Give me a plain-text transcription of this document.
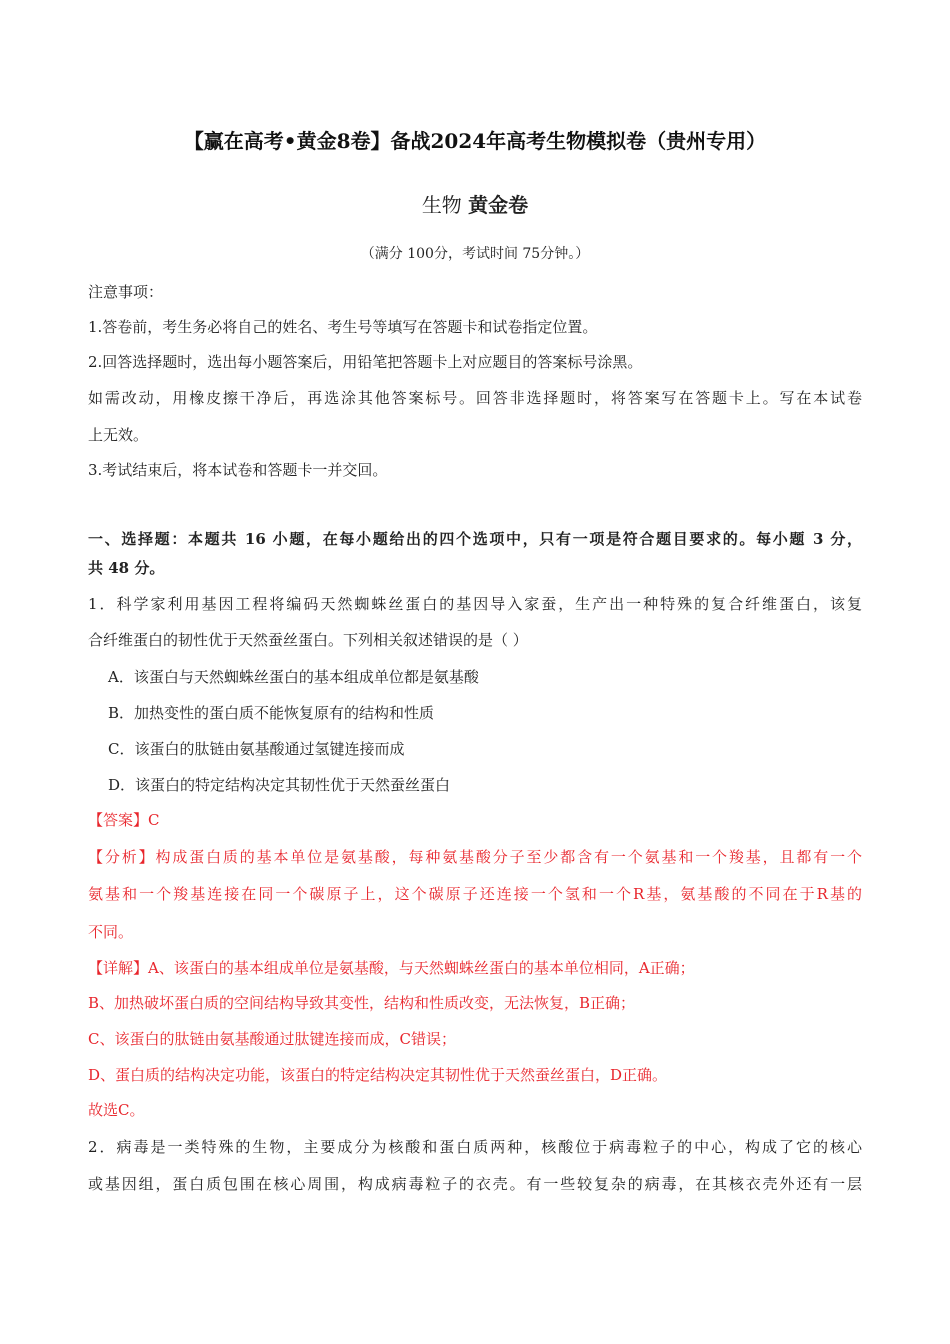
【赢在高考•黄金8卷】备战2024年高考生物模拟卷（贵州专用）
生物 黄金卷
（满分 100分，考试时间 75分钟。）
注意事项：
1.答卷前，考生务必将自己的姓名、考生号等填写在答题卡和试卷指定位置。
2.回答选择题时，选出每小题答案后，用铅笔把答题卡上对应题目的答案标号涂黑。
如需改动，用橡皮擦干净后，再选涂其他答案标号。回答非选择题时，将答案写在答题卡上。写在本试卷
上无效。
3.考试结束后，将本试卷和答题卡一并交回。
一、选择题：本题共 16 小题，在每小题给出的四个选项中，只有一项是符合题目要求的。每小题 3 分，
共 48 分。
1．科学家利用基因工程将编码天然蜘蛛丝蛋白的基因导入家蚕，生产出一种特殊的复合纤维蛋白，该复
合纤维蛋白的韧性优于天然蚕丝蛋白。下列相关叙述错误的是（ ）
A．该蛋白与天然蜘蛛丝蛋白的基本组成单位都是氨基酸
B．加热变性的蛋白质不能恢复原有的结构和性质
C．该蛋白的肽链由氨基酸通过氢键连接而成
D．该蛋白的特定结构决定其韧性优于天然蚕丝蛋白
【答案】C
【分析】构成蛋白质的基本单位是氨基酸，每种氨基酸分子至少都含有一个氨基和一个羧基，且都有一个
氨基和一个羧基连接在同一个碳原子上，这个碳原子还连接一个氢和一个R基，氨基酸的不同在于R基的
不同。
【详解】A、该蛋白的基本组成单位是氨基酸，与天然蜘蛛丝蛋白的基本单位相同，A正确；
B、加热破坏蛋白质的空间结构导致其变性，结构和性质改变，无法恢复，B正确；
C、该蛋白的肽链由氨基酸通过肽键连接而成，C错误；
D、蛋白质的结构决定功能，该蛋白的特定结构决定其韧性优于天然蚕丝蛋白，D正确。
故选C。
2．病毒是一类特殊的生物，主要成分为核酸和蛋白质两种，核酸位于病毒粒子的中心，构成了它的核心
或基因组，蛋白质包围在核心周围，构成病毒粒子的衣壳。有一些较复杂的病毒，在其核衣壳外还有一层
